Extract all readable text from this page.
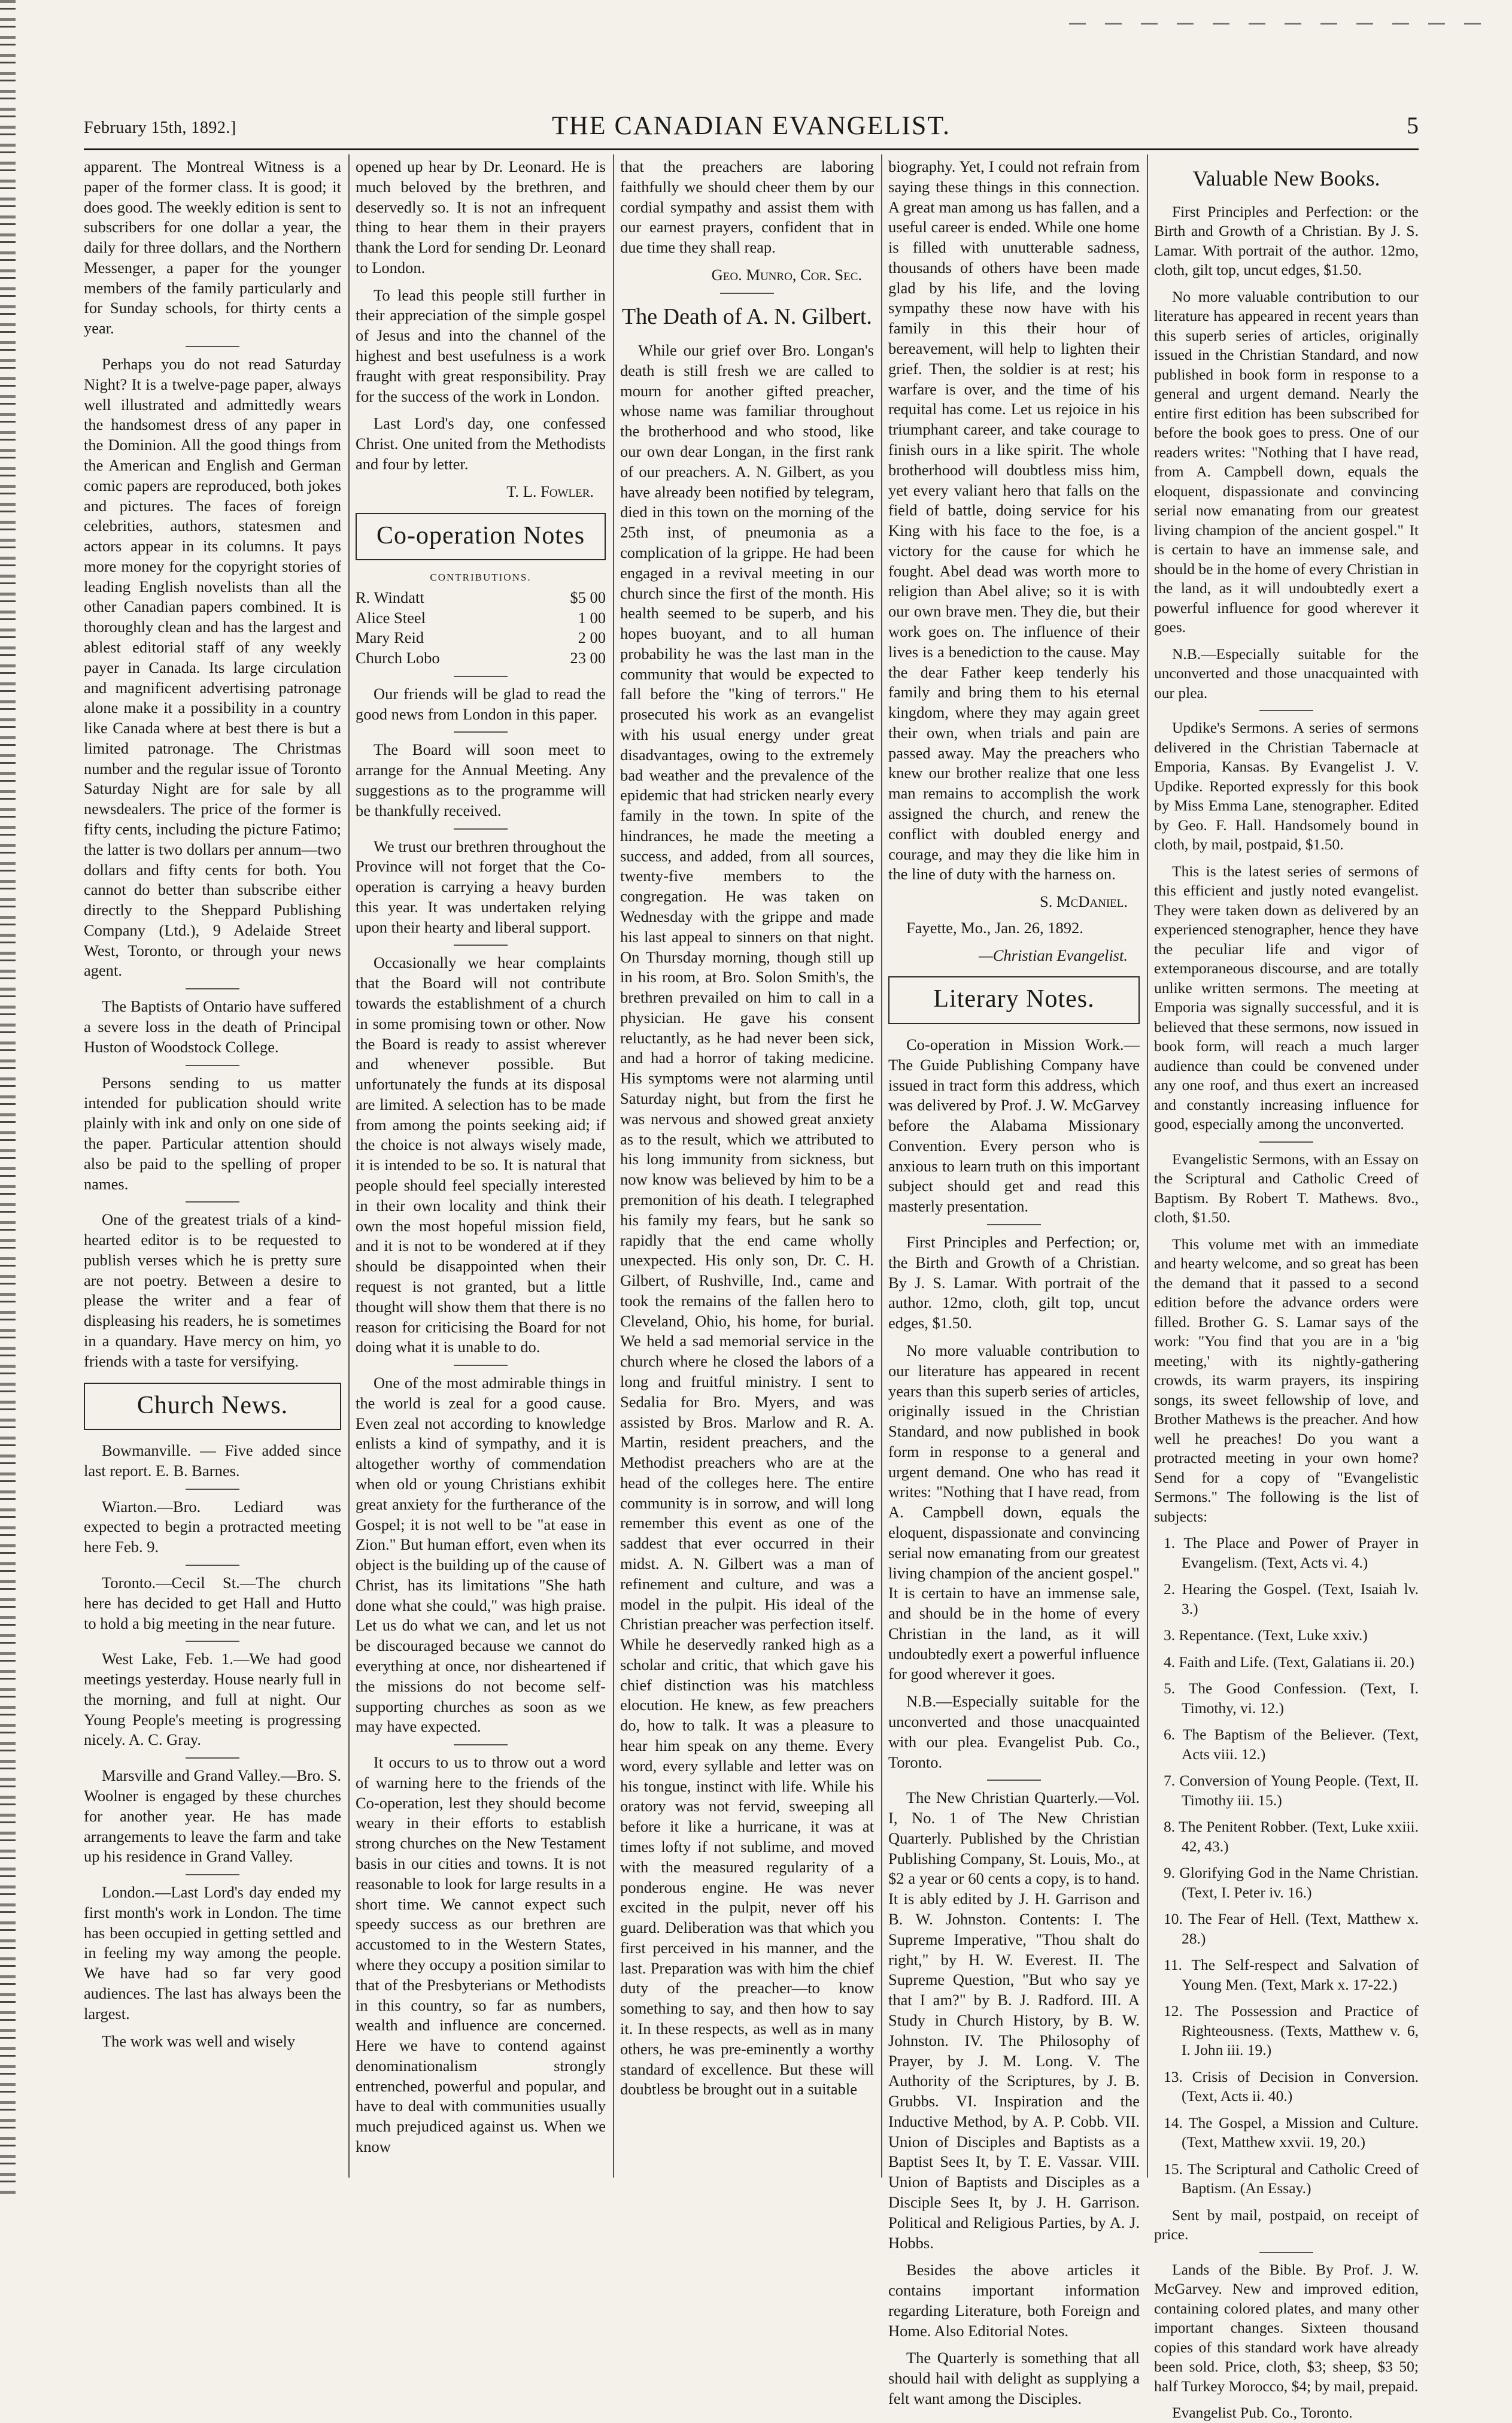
February 15th, 1892.]	THE CANADIAN EVANGELIST.	5

apparent. The Montreal Witness is a paper of the former class. It is good; it does good. The weekly edition is sent to subscribers for one dollar a year, the daily for three dollars, and the Northern Messenger, a paper for the younger members of the family particularly and for Sunday schools, for thirty cents a year.

Perhaps you do not read Saturday Night? It is a twelve-page paper, always well illustrated and admittedly wears the handsomest dress of any paper in the Dominion. All the good things from the American and English and German comic papers are reproduced, both jokes and pictures. The faces of foreign celebrities, authors, statesmen and actors appear in its columns. It pays more money for the copyright stories of leading English novelists than all the other Canadian papers combined. It is thoroughly clean and has the largest and ablest editorial staff of any weekly payer in Canada. Its large circulation and magnificent advertising patronage alone make it a possibility in a country like Canada where at best there is but a limited patronage. The Christmas number and the regular issue of Toronto Saturday Night are for sale by all newsdealers. The price of the former is fifty cents, including the picture Fatimo; the latter is two dollars per annum—two dollars and fifty cents for both. You cannot do better than subscribe either directly to the Sheppard Publishing Company (Ltd.), 9 Adelaide Street West, Toronto, or through your news agent.

The Baptists of Ontario have suffered a severe loss in the death of Principal Huston of Woodstock College.

Persons sending to us matter intended for publication should write plainly with ink and only on one side of the paper. Particular attention should also be paid to the spelling of proper names.

One of the greatest trials of a kind-hearted editor is to be requested to publish verses which he is pretty sure are not poetry. Between a desire to please the writer and a fear of displeasing his readers, he is sometimes in a quandary. Have mercy on him, yo friends with a taste for versifying.

Church News.

Bowmanville. — Five added since last report. E. B. Barnes.

Wiarton.—Bro. Lediard was expected to begin a protracted meeting here Feb. 9.

Toronto.—Cecil St.—The church here has decided to get Hall and Hutto to hold a big meeting in the near future.

West Lake, Feb. 1.—We had good meetings yesterday. House nearly full in the morning, and full at night. Our Young People's meeting is progressing nicely. A. C. Gray.

Marsville and Grand Valley.—Bro. S. Woolner is engaged by these churches for another year. He has made arrangements to leave the farm and take up his residence in Grand Valley.

London.—Last Lord's day ended my first month's work in London. The time has been occupied in getting settled and in feeling my way among the people. We have had so far very good audiences. The last has always been the largest.

The work was well and wisely

opened up hear by Dr. Leonard. He is much beloved by the brethren, and deservedly so. It is not an infrequent thing to hear them in their prayers thank the Lord for sending Dr. Leonard to London.

To lead this people still further in their appreciation of the simple gospel of Jesus and into the channel of the highest and best usefulness is a work fraught with great responsibility. Pray for the success of the work in London.

Last Lord's day, one confessed Christ. One united from the Methodists and four by letter.

T. L. Fowler.
Co-operation Notes
CONTRIBUTIONS.
R. Windatt	$5 00
Alice Steel	1 00
Mary Reid	2 00
Church Lobo	23 00

Our friends will be glad to read the good news from London in this paper.

The Board will soon meet to arrange for the Annual Meeting. Any suggestions as to the programme will be thankfully received.

We trust our brethren throughout the Province will not forget that the Co-operation is carrying a heavy burden this year. It was undertaken relying upon their hearty and liberal support.

Occasionally we hear complaints that the Board will not contribute towards the establishment of a church in some promising town or other. Now the Board is ready to assist wherever and whenever possible. But unfortunately the funds at its disposal are limited. A selection has to be made from among the points seeking aid; if the choice is not always wisely made, it is intended to be so. It is natural that people should feel specially interested in their own locality and think their own the most hopeful mission field, and it is not to be wondered at if they should be disappointed when their request is not granted, but a little thought will show them that there is no reason for criticising the Board for not doing what it is unable to do.

One of the most admirable things in the world is zeal for a good cause. Even zeal not according to knowledge enlists a kind of sympathy, and it is altogether worthy of commendation when old or young Christians exhibit great anxiety for the furtherance of the Gospel; it is not well to be "at ease in Zion." But human effort, even when its object is the building up of the cause of Christ, has its limitations "She hath done what she could," was high praise. Let us do what we can, and let us not be discouraged because we cannot do everything at once, nor disheartened if the missions do not become self-supporting churches as soon as we may have expected.

It occurs to us to throw out a word of warning here to the friends of the Co-operation, lest they should become weary in their efforts to establish strong churches on the New Testament basis in our cities and towns. It is not reasonable to look for large results in a short time. We cannot expect such speedy success as our brethren are accustomed to in the Western States, where they occupy a position similar to that of the Presbyterians or Methodists in this country, so far as numbers, wealth and influence are concerned. Here we have to contend against denominationalism strongly entrenched, powerful and popular, and have to deal with communities usually much prejudiced against us. When we know

that the preachers are laboring faithfully we should cheer them by our cordial sympathy and assist them with our earnest prayers, confident that in due time they shall reap.

Geo. Munro, Cor. Sec.
The Death of A. N. Gilbert.

While our grief over Bro. Longan's death is still fresh we are called to mourn for another gifted preacher, whose name was familiar throughout the brotherhood and who stood, like our own dear Longan, in the first rank of our preachers. A. N. Gilbert, as you have already been notified by telegram, died in this town on the morning of the 25th inst, of pneumonia as a complication of la grippe. He had been engaged in a revival meeting in our church since the first of the month. His health seemed to be superb, and his hopes buoyant, and to all human probability he was the last man in the community that would be expected to fall before the "king of terrors." He prosecuted his work as an evangelist with his usual energy under great disadvantages, owing to the extremely bad weather and the prevalence of the epidemic that had stricken nearly every family in the town. In spite of the hindrances, he made the meeting a success, and added, from all sources, twenty-five members to the congregation. He was taken on Wednesday with the grippe and made his last appeal to sinners on that night. On Thursday morning, though still up in his room, at Bro. Solon Smith's, the brethren prevailed on him to call in a physician. He gave his consent reluctantly, as he had never been sick, and had a horror of taking medicine. His symptoms were not alarming until Saturday night, but from the first he was nervous and showed great anxiety as to the result, which we attributed to his long immunity from sickness, but now know was believed by him to be a premonition of his death. I telegraphed his family my fears, but he sank so rapidly that the end came wholly unexpected. His only son, Dr. C. H. Gilbert, of Rushville, Ind., came and took the remains of the fallen hero to Cleveland, Ohio, his home, for burial. We held a sad memorial service in the church where he closed the labors of a long and fruitful ministry. I sent to Sedalia for Bro. Myers, and was assisted by Bros. Marlow and R. A. Martin, resident preachers, and the Methodist preachers who are at the head of the colleges here. The entire community is in sorrow, and will long remember this event as one of the saddest that ever occurred in their midst. A. N. Gilbert was a man of refinement and culture, and was a model in the pulpit. His ideal of the Christian preacher was perfection itself. While he deservedly ranked high as a scholar and critic, that which gave his chief distinction was his matchless elocution. He knew, as few preachers do, how to talk. It was a pleasure to hear him speak on any theme. Every word, every syllable and letter was on his tongue, instinct with life. While his oratory was not fervid, sweeping all before it like a hurricane, it was at times lofty if not sublime, and moved with the measured regularity of a ponderous engine. He was never excited in the pulpit, never off his guard. Deliberation was that which you first perceived in his manner, and the last. Preparation was with him the chief duty of the preacher—to know something to say, and then how to say it. In these respects, as well as in many others, he was pre-eminently a worthy standard of excellence. But these will doubtless be brought out in a suitable

biography. Yet, I could not refrain from saying these things in this connection. A great man among us has fallen, and a useful career is ended. While one home is filled with unutterable sadness, thousands of others have been made glad by his life, and the loving sympathy these now have with his family in this their hour of bereavement, will help to lighten their grief. Then, the soldier is at rest; his warfare is over, and the time of his requital has come. Let us rejoice in his triumphant career, and take courage to finish ours in a like spirit. The whole brotherhood will doubtless miss him, yet every valiant hero that falls on the field of battle, doing service for his King with his face to the foe, is a victory for the cause for which he fought. Abel dead was worth more to religion than Abel alive; so it is with our own brave men. They die, but their work goes on. The influence of their lives is a benediction to the cause. May the dear Father keep tenderly his family and bring them to his eternal kingdom, where they may again greet their own, when trials and pain are passed away. May the preachers who knew our brother realize that one less man remains to accomplish the work assigned the church, and renew the conflict with doubled energy and courage, and may they die like him in the line of duty with the harness on.

S. McDaniel.

Fayette, Mo., Jan. 26, 1892.

—Christian Evangelist.
Literary Notes.

Co-operation in Mission Work.—The Guide Publishing Company have issued in tract form this address, which was delivered by Prof. J. W. McGarvey before the Alabama Missionary Convention. Every person who is anxious to learn truth on this important subject should get and read this masterly presentation.

First Principles and Perfection; or, the Birth and Growth of a Christian. By J. S. Lamar. With portrait of the author. 12mo, cloth, gilt top, uncut edges, $1.50.

No more valuable contribution to our literature has appeared in recent years than this superb series of articles, originally issued in the Christian Standard, and now published in book form in response to a general and urgent demand. One who has read it writes: "Nothing that I have read, from A. Campbell down, equals the eloquent, dispassionate and convincing serial now emanating from our greatest living champion of the ancient gospel." It is certain to have an immense sale, and should be in the home of every Christian in the land, as it will undoubtedly exert a powerful influence for good wherever it goes.

N.B.—Especially suitable for the unconverted and those unacquainted with our plea. Evangelist Pub. Co., Toronto.

The New Christian Quarterly.—Vol. I, No. 1 of The New Christian Quarterly. Published by the Christian Publishing Company, St. Louis, Mo., at $2 a year or 60 cents a copy, is to hand. It is ably edited by J. H. Garrison and B. W. Johnston. Contents: I. The Supreme Imperative, "Thou shalt do right," by H. W. Everest. II. The Supreme Question, "But who say ye that I am?" by B. J. Radford. III. A Study in Church History, by B. W. Johnston. IV. The Philosophy of Prayer, by J. M. Long. V. The Authority of the Scriptures, by J. B. Grubbs. VI. Inspiration and the Inductive Method, by A. P. Cobb. VII. Union of Disciples and Baptists as a Baptist Sees It, by T. E. Vassar. VIII. Union of Baptists and Disciples as a Disciple Sees It, by J. H. Garrison. Political and Religious Parties, by A. J. Hobbs.

Besides the above articles it contains important information regarding Literature, both Foreign and Home. Also Editorial Notes.

The Quarterly is something that all should hail with delight as supplying a felt want among the Disciples.

Valuable New Books.

First Principles and Perfection: or the Birth and Growth of a Christian. By J. S. Lamar. With portrait of the author. 12mo, cloth, gilt top, uncut edges, $1.50.

No more valuable contribution to our literature has appeared in recent years than this superb series of articles, originally issued in the Christian Standard, and now published in book form in response to a general and urgent demand. Nearly the entire first edition has been subscribed for before the book goes to press. One of our readers writes: "Nothing that I have read, from A. Campbell down, equals the eloquent, dispassionate and convincing serial now emanating from our greatest living champion of the ancient gospel." It is certain to have an immense sale, and should be in the home of every Christian in the land, as it will undoubtedly exert a powerful influence for good wherever it goes.

N.B.—Especially suitable for the unconverted and those unacquainted with our plea.

Updike's Sermons. A series of sermons delivered in the Christian Tabernacle at Emporia, Kansas. By Evangelist J. V. Updike. Reported expressly for this book by Miss Emma Lane, stenographer. Edited by Geo. F. Hall. Handsomely bound in cloth, by mail, postpaid, $1.50.

This is the latest series of sermons of this efficient and justly noted evangelist. They were taken down as delivered by an experienced stenographer, hence they have the peculiar life and vigor of extemporaneous discourse, and are totally unlike written sermons. The meeting at Emporia was signally successful, and it is believed that these sermons, now issued in book form, will reach a much larger audience than could be convened under any one roof, and thus exert an increased and constantly increasing influence for good, especially among the unconverted.

Evangelistic Sermons, with an Essay on the Scriptural and Catholic Creed of Baptism. By Robert T. Mathews. 8vo., cloth, $1.50.

This volume met with an immediate and hearty welcome, and so great has been the demand that it passed to a second edition before the advance orders were filled. Brother G. S. Lamar says of the work: "You find that you are in a 'big meeting,' with its nightly-gathering crowds, its warm prayers, its inspiring songs, its sweet fellowship of love, and Brother Mathews is the preacher. And how well he preaches! Do you want a protracted meeting in your own home? Send for a copy of "Evangelistic Sermons." The following is the list of subjects:

1. The Place and Power of Prayer in Evangelism. (Text, Acts vi. 4.)

2. Hearing the Gospel. (Text, Isaiah lv. 3.)

3. Repentance. (Text, Luke xxiv.)

4. Faith and Life. (Text, Galatians ii. 20.)

5. The Good Confession. (Text, I. Timothy, vi. 12.)

6. The Baptism of the Believer. (Text, Acts viii. 12.)

7. Conversion of Young People. (Text, II. Timothy iii. 15.)

8. The Penitent Robber. (Text, Luke xxiii. 42, 43.)

9. Glorifying God in the Name Christian. (Text, I. Peter iv. 16.)

10. The Fear of Hell. (Text, Matthew x. 28.)

11. The Self-respect and Salvation of Young Men. (Text, Mark x. 17-22.)

12. The Possession and Practice of Righteousness. (Texts, Matthew v. 6, I. John iii. 19.)

13. Crisis of Decision in Conversion. (Text, Acts ii. 40.)

14. The Gospel, a Mission and Culture. (Text, Matthew xxvii. 19, 20.)

15. The Scriptural and Catholic Creed of Baptism. (An Essay.)

Sent by mail, postpaid, on receipt of price.

Lands of the Bible. By Prof. J. W. McGarvey. New and improved edition, containing colored plates, and many other important changes. Sixteen thousand copies of this standard work have already been sold. Price, cloth, $3; sheep, $3 50; half Turkey Morocco, $4; by mail, prepaid.

Evangelist Pub. Co., Toronto.
